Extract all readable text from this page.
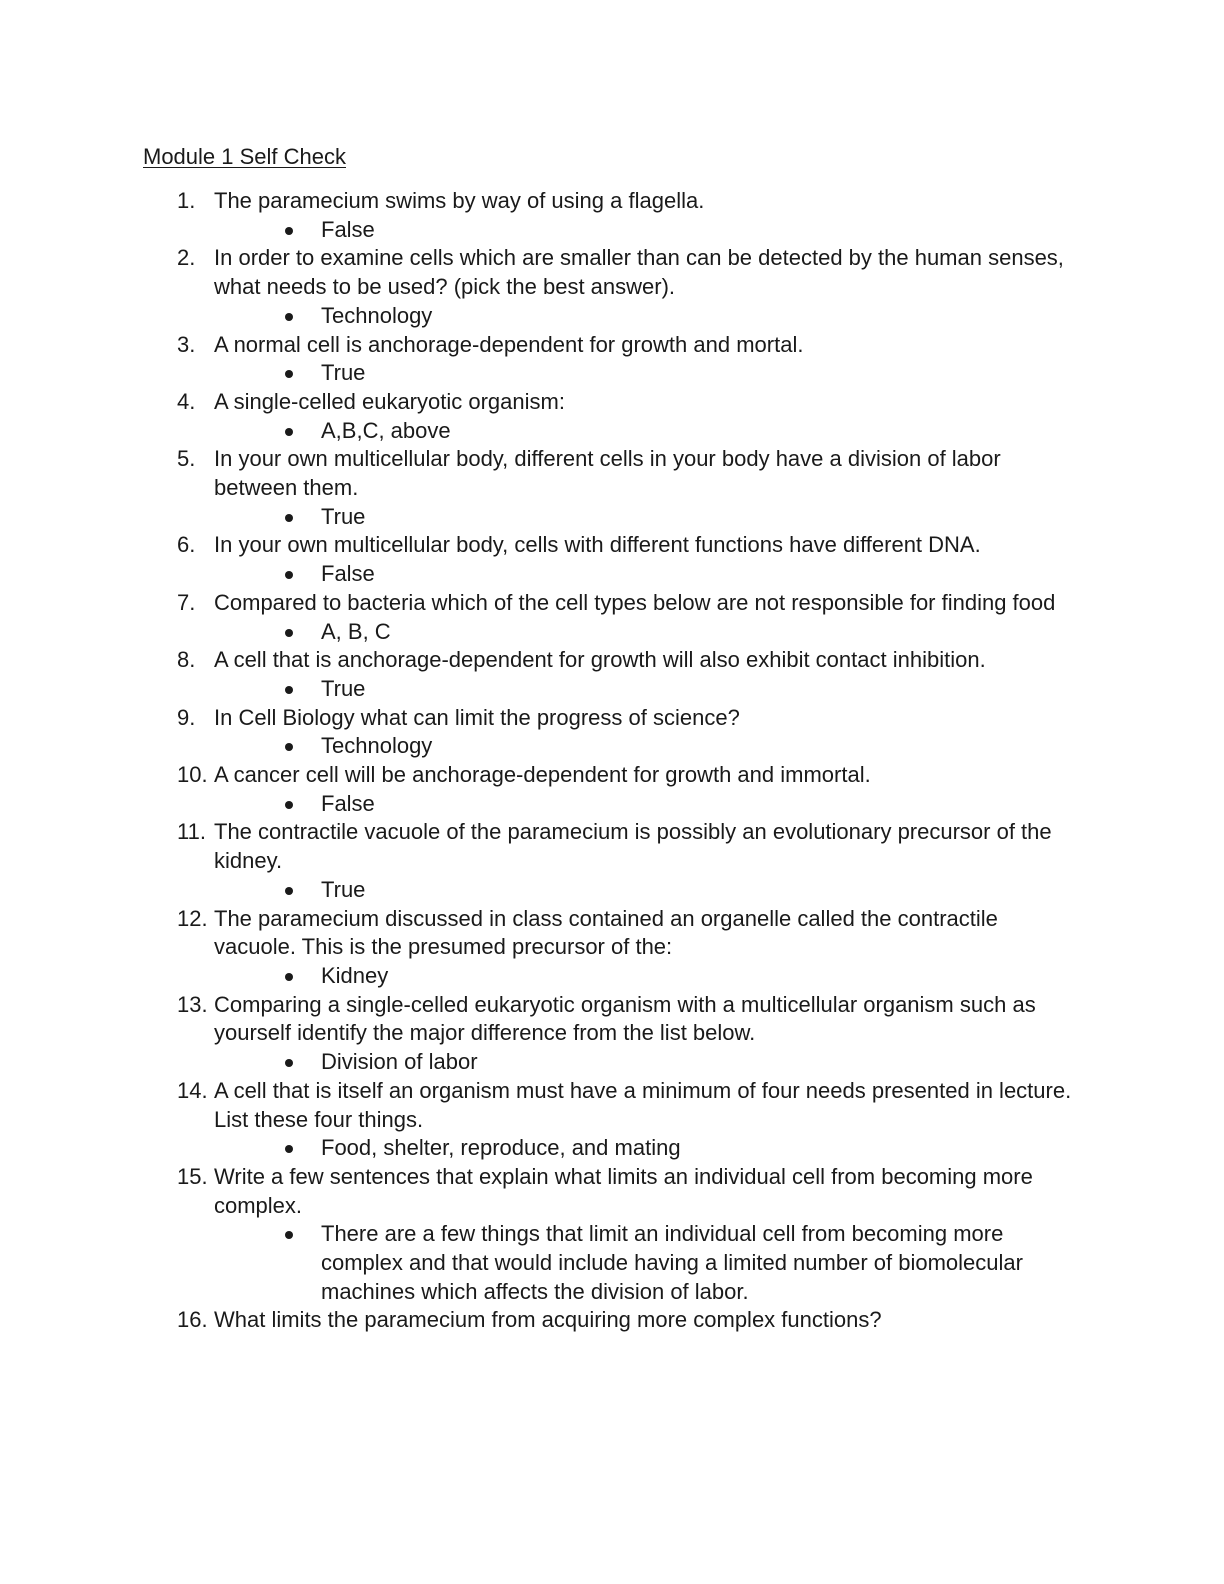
Module 1 Self Check
1. The paramecium swims by way of using a flagella.
False
2. In order to examine cells which are smaller than can be detected by the human senses, what needs to be used? (pick the best answer).
Technology
3. A normal cell is anchorage-dependent for growth and mortal.
True
4. A single-celled eukaryotic organism:
A,B,C, above
5. In your own multicellular body, different cells in your body have a division of labor between them.
True
6. In your own multicellular body, cells with different functions have different DNA.
False
7. Compared to bacteria which of the cell types below are not responsible for finding food
A, B, C
8. A cell that is anchorage-dependent for growth will also exhibit contact inhibition.
True
9. In Cell Biology what can limit the progress of science?
Technology
10. A cancer cell will be anchorage-dependent for growth and immortal.
False
11. The contractile vacuole of the paramecium is possibly an evolutionary precursor of the kidney.
True
12. The paramecium discussed in class contained an organelle called the contractile vacuole. This is the presumed precursor of the:
Kidney
13. Comparing a single-celled eukaryotic organism with a multicellular organism such as yourself identify the major difference from the list below.
Division of labor
14. A cell that is itself an organism must have a minimum of four needs presented in lecture. List these four things.
Food, shelter, reproduce, and mating
15. Write a few sentences that explain what limits an individual cell from becoming more complex.
There are a few things that limit an individual cell from becoming more complex and that would include having a limited number of biomolecular machines which affects the division of labor.
16. What limits the paramecium from acquiring more complex functions?
